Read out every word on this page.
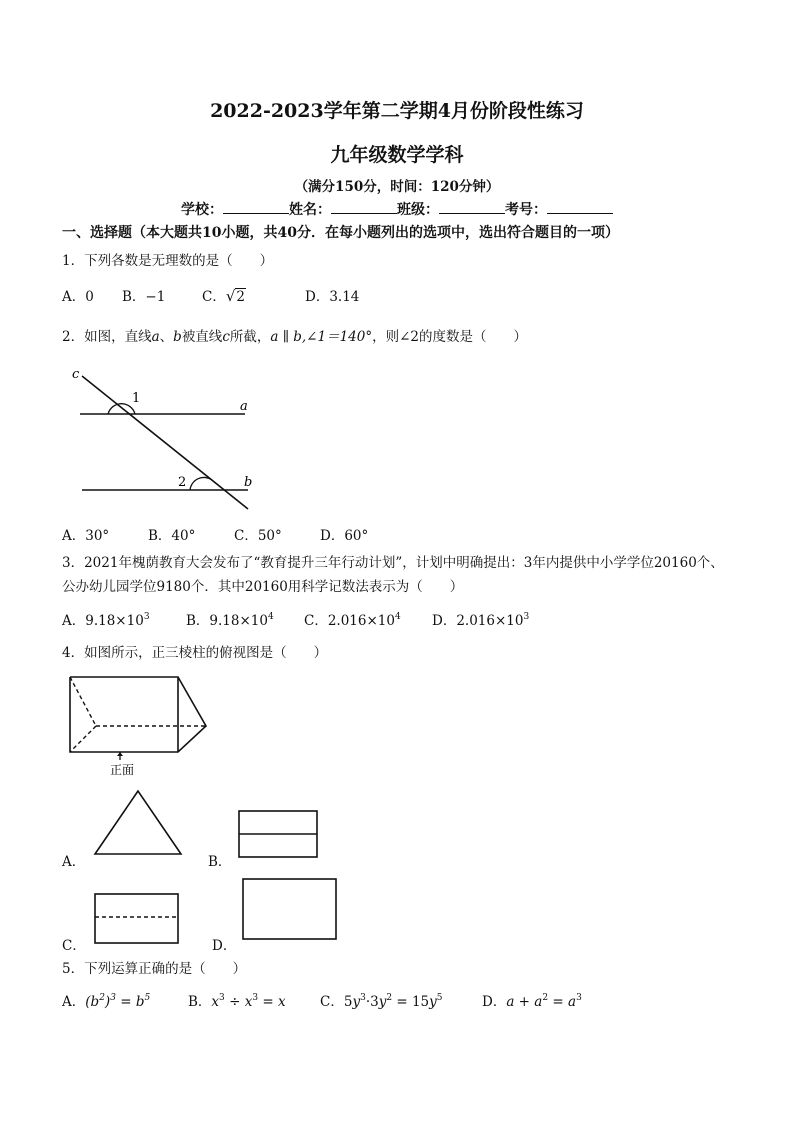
2022-2023学年第二学期4月份阶段性练习
九年级数学学科
（满分150分，时间：120分钟）
学校：	姓名：	班级：	考号：
一、选择题（本大题共10小题，共40分．在每小题列出的选项中，选出符合题目的一项）
1．下列各数是无理数的是（　　）
A．0 B．−1	C．√2	D．3.14
2．如图，直线a、b被直线c所截，a ∥ b,∠1＝140°，则∠2的度数是（　　）
c
1
a
2	b
A．30°	B．40°	C．50°	D．60°
3．2021年槐荫教育大会发布了“教育提升三年行动计划”，计划中明确提出：3年内提供中小学学位20160个、
公办幼儿园学位9180个．其中20160用科学记数法表示为（　　）
A．$9.18\times 10^3$	B．$9.18\times 10^4$ C．$2.016\times 10^4$ D．$2.016\times 10^3$
4．如图所示，正三棱柱的俯视图是（　　）
正面
A．	B．
C．	D．
5．下列运算正确的是（　　）
A．$(b^2)^3 = b^5$	B．$x^3 \div x^3 = x$	C．$5y^3\cdot 3y^2 = 15y^5$	D．$a + a^2 = a^3$
